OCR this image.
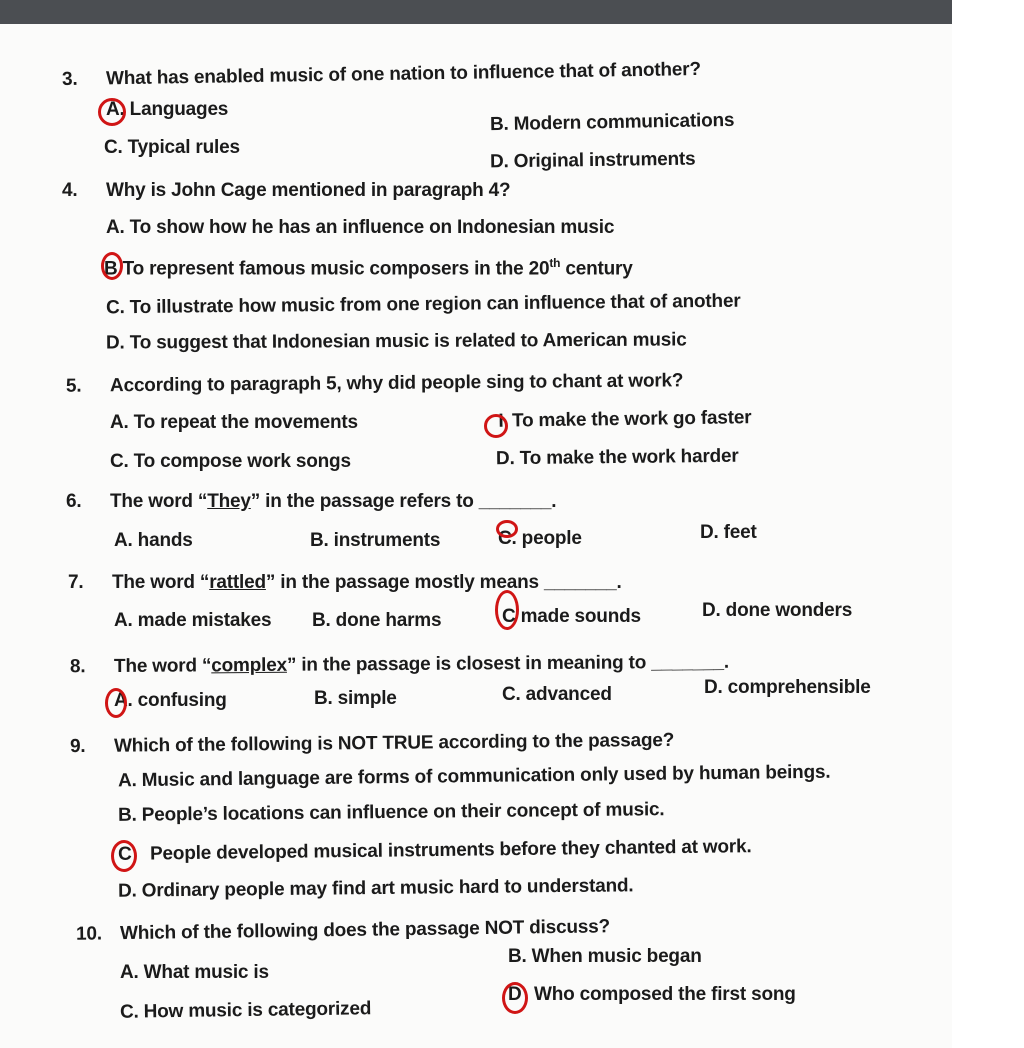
3. What has enabled music of one nation to influence that of another?
A. Languages
B. Modern communications
C. Typical rules
D. Original instruments
4. Why is John Cage mentioned in paragraph 4?
A. To show how he has an influence on Indonesian music
B To represent famous music composers in the 20th century
C. To illustrate how music from one region can influence that of another
D. To suggest that Indonesian music is related to American music
5. According to paragraph 5, why did people sing to chant at work?
A. To repeat the movements	I To make the work go faster
C. To compose work songs	D. To make the work harder
6. The word “They” in the passage refers to _______.
A. hands	B. instruments	C. people	D. feet
7. The word “rattled” in the passage mostly means _______.
A. made mistakes B. done harms	C made sounds	D. done wonders
8. The word “complex” in the passage is closest in meaning to _______.
A. confusing	B. simple	C. advanced	D. comprehensible
9. Which of the following is NOT TRUE according to the passage?
A. Music and language are forms of communication only used by human beings.
B. People’s locations can influence on their concept of music.
C People developed musical instruments before they chanted at work.
D. Ordinary people may find art music hard to understand.
10. Which of the following does the passage NOT discuss?
A. What music is
B. When music began
C. How music is categorized
D Who composed the first song
